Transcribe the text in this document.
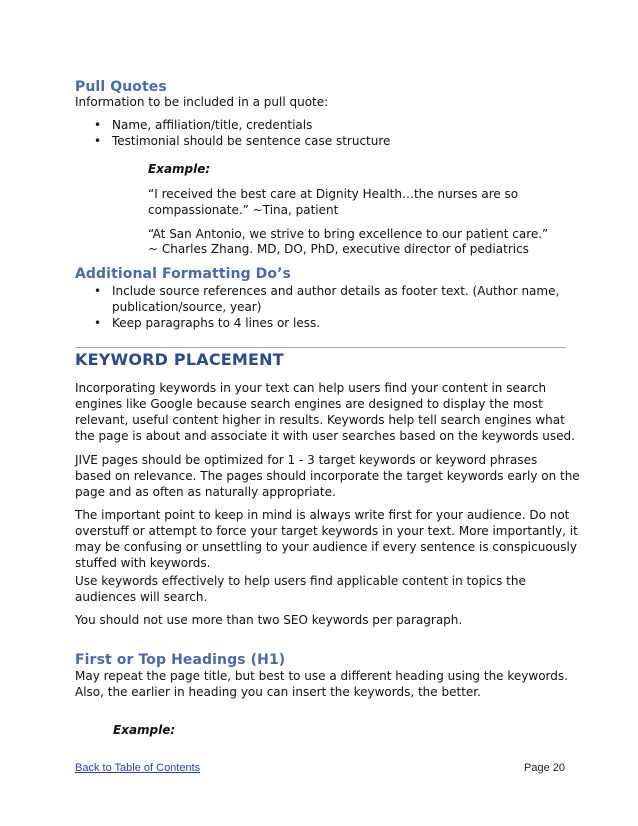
Pull Quotes

Information to be included in a pull quote:

• Name, affiliation/title, credentials
• Testimonial should be sentence case structure

Example:

“I received the best care at Dignity Health…the nurses are so

compassionate.” ~Tina, patient

“At San Antonio, we strive to bring excellence to our patient care.”

~ Charles Zhang. MD, DO, PhD, executive director of pediatrics

Additional Formatting Do’s
• Include source references and author details as footer text. (Author name,
publication/source, year)
• Keep paragraphs to 4 lines or less.
KEYWORD PLACEMENT

Incorporating keywords in your text can help users find your content in search

engines like Google because search engines are designed to display the most

relevant, useful content higher in results. Keywords help tell search engines what

the page is about and associate it with user searches based on the keywords used.

JIVE pages should be optimized for 1 - 3 target keywords or keyword phrases

based on relevance. The pages should incorporate the target keywords early on the

page and as often as naturally appropriate.

The important point to keep in mind is always write first for your audience. Do not

overstuff or attempt to force your target keywords in your text. More importantly, it

may be confusing or unsettling to your audience if every sentence is conspicuously

stuffed with keywords.

Use keywords effectively to help users find applicable content in topics the

audiences will search.

You should not use more than two SEO keywords per paragraph.

First or Top Headings (H1)

May repeat the page title, but best to use a different heading using the keywords.

Also, the earlier in heading you can insert the keywords, the better.

Example:

Back to Table of Contents	Page 20
